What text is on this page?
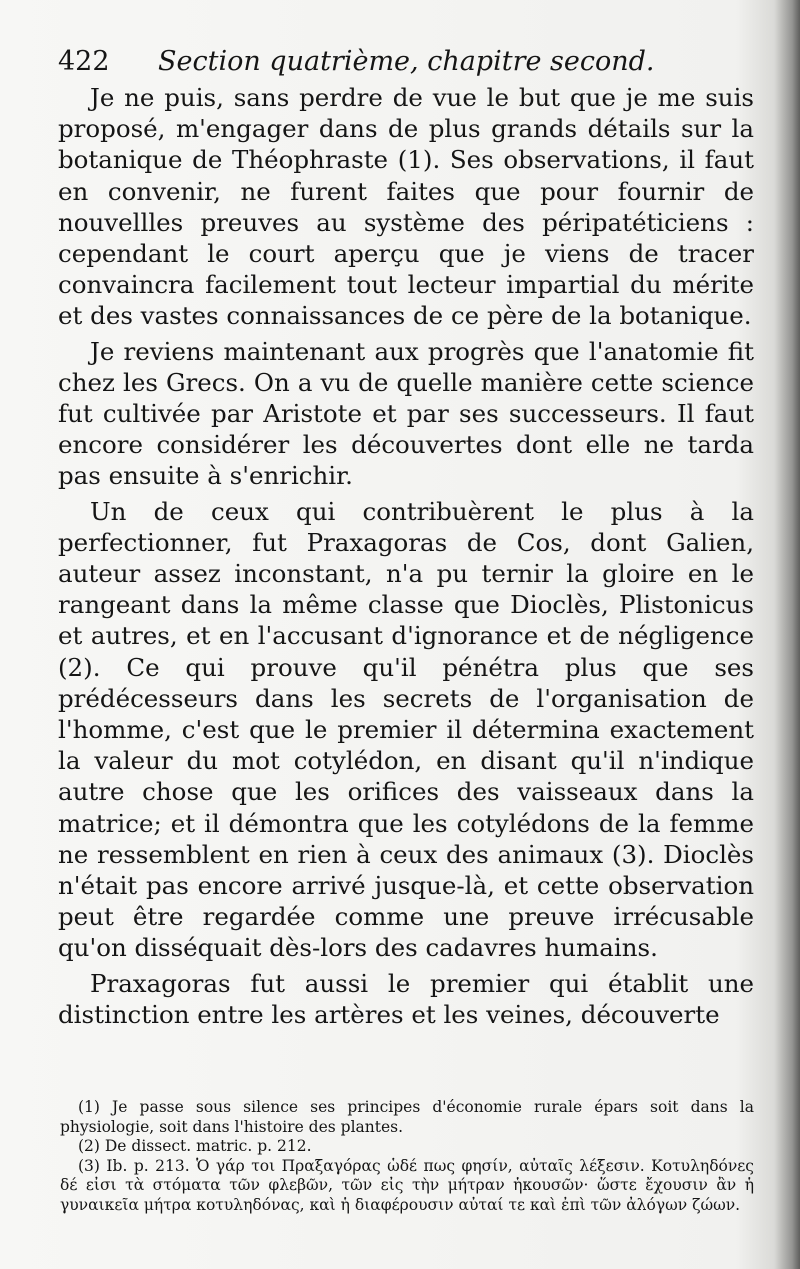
422 Section quatrième, chapitre second.

Je ne puis, sans perdre de vue le but que je me suis proposé, m'engager dans de plus grands détails sur la botanique de Théophraste (1). Ses observations, il faut en convenir, ne furent faites que pour fournir de nouvellles preuves au système des péripatéticiens : cependant le court aperçu que je viens de tracer convaincra facilement tout lecteur impartial du mérite et des vastes connaissances de ce père de la botanique.

Je reviens maintenant aux progrès que l'anatomie fit chez les Grecs. On a vu de quelle manière cette science fut cultivée par Aristote et par ses successeurs. Il faut encore considérer les découvertes dont elle ne tarda pas ensuite à s'enrichir.

Un de ceux qui contribuèrent le plus à la perfectionner, fut Praxagoras de Cos, dont Galien, auteur assez inconstant, n'a pu ternir la gloire en le rangeant dans la même classe que Dioclès, Plistonicus et autres, et en l'accusant d'ignorance et de négligence (2). Ce qui prouve qu'il pénétra plus que ses prédécesseurs dans les secrets de l'organisation de l'homme, c'est que le premier il détermina exactement la valeur du mot cotylédon, en disant qu'il n'indique autre chose que les orifices des vaisseaux dans la matrice; et il démontra que les cotylédons de la femme ne ressemblent en rien à ceux des animaux (3). Dioclès n'était pas encore arrivé jusque-là, et cette observation peut être regardée comme une preuve irrécusable qu'on disséquait dès-lors des cadavres humains.

Praxagoras fut aussi le premier qui établit une distinction entre les artères et les veines, découverte

(1) Je passe sous silence ses principes d'économie rurale épars soit dans la physiologie, soit dans l'histoire des plantes.

(2) De dissect. matric. p. 212.

(3) Ib. p. 213. Ὁ γάρ τοι Πραξαγόρας ὡδέ πως φησίν, αὐταῖς λέξεσιν. Κοτυληδόνες δέ εἰσι τὰ στόματα τῶν φλεβῶν, τῶν εἰς τὴν μήτραν ἡκουσῶν· ὥστε ἔχουσιν ἂν ἡ γυναικεῖα μήτρα κοτυληδόνας, καὶ ἡ διαφέρουσιν αὐταί τε καὶ ἐπὶ τῶν ἀλόγων ζώων.
